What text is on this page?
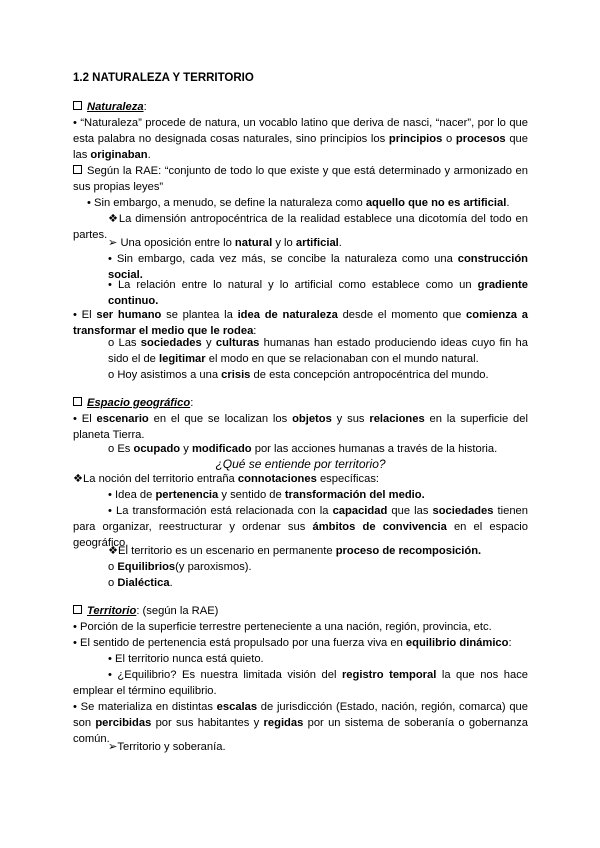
1.2 NATURALEZA Y TERRITORIO
Naturaleza:
• “Naturaleza” procede de natura, un vocablo latino que deriva de nasci, “nacer”, por lo que esta palabra no designada cosas naturales, sino principios los principios o procesos que las originaban.
Según la RAE: “conjunto de todo lo que existe y que está determinado y armonizado en sus propias leyes”
• Sin embargo, a menudo, se define la naturaleza como aquello que no es artificial.
❖La dimensión antropocéntrica de la realidad establece una dicotomía del todo en partes.
➢ Una oposición entre lo natural y lo artificial.
• Sin embargo, cada vez más, se concibe la naturaleza como una construcción social.
• La relación entre lo natural y lo artificial como establece como un gradiente continuo.
• El ser humano se plantea la idea de naturaleza desde el momento que comienza a transformar el medio que le rodea:
o Las sociedades y culturas humanas han estado produciendo ideas cuyo fin ha sido el de legitimar el modo en que se relacionaban con el mundo natural.
o Hoy asistimos a una crisis de esta concepción antropocéntrica del mundo.
Espacio geográfico:
• El escenario en el que se localizan los objetos y sus relaciones en la superficie del planeta Tierra.
o Es ocupado y modificado por las acciones humanas a través de la historia.
¿Qué se entiende por territorio?
❖La noción del territorio entraña connotaciones específicas:
• Idea de pertenencia y sentido de transformación del medio.
• La transformación está relacionada con la capacidad que las sociedades tienen para organizar, reestructurar y ordenar sus ámbitos de convivencia en el espacio geográfico.
❖El territorio es un escenario en permanente proceso de recomposición.
o Equilibrios(y paroxismos).
o Dialéctica.
Territorio: (según la RAE)
• Porción de la superficie terrestre perteneciente a una nación, región, provincia, etc.
• El sentido de pertenencia está propulsado por una fuerza viva en equilibrio dinámico:
• El territorio nunca está quieto.
• ¿Equilibrio? Es nuestra limitada visión del registro temporal la que nos hace emplear el término equilibrio.
• Se materializa en distintas escalas de jurisdicción (Estado, nación, región, comarca) que son percibidas por sus habitantes y regidas por un sistema de soberanía o gobernanza común.
➢Territorio y soberanía.
